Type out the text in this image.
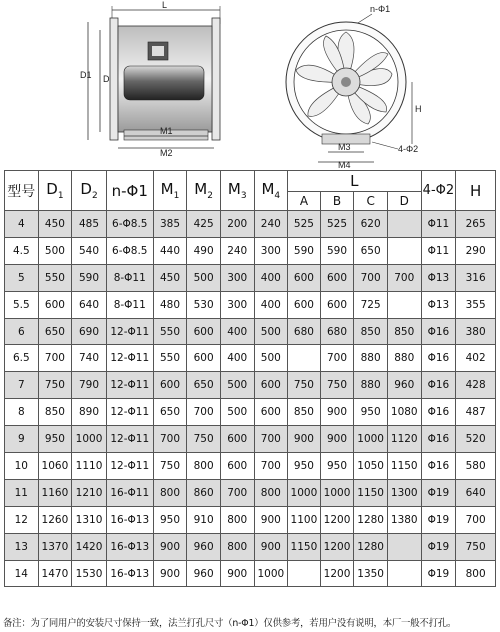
L
D1 D
M1
M2
n-Φ1
H
M3
M4
4-Φ2
型号	$D_1$	$D_2$	n-Φ1	$M_1$	$M_2$	$M_3$	$M_4$	L				4-Φ2	H
								A	B	C	D		
4	450	485	6-Φ8.5	385	425	200	240	525	525	620		Φ11	265
4.5	500	540	6-Φ8.5	440	490	240	300	590	590	650		Φ11	290
5	550	590	8-Φ11	450	500	300	400	600	600	700	700	Φ13	316
5.5	600	640	8-Φ11	480	530	300	400	600	600	725		Φ13	355
6	650	690	12-Φ11	550	600	400	500	680	680	850	850	Φ16	380
6.5	700	740	12-Φ11	550	600	400	500		700	880	880	Φ16	402
7	750	790	12-Φ11	600	650	500	600	750	750	880	960	Φ16	428
8	850	890	12-Φ11	650	700	500	600	850	900	950	1080	Φ16	487
9	950	1000	12-Φ11	700	750	600	700	900	900	1000	1120	Φ16	520
10	1060	1110	12-Φ11	750	800	600	700	950	950	1050	1150	Φ16	580
11	1160	1210	16-Φ11	800	860	700	800	1000	1000	1150	1300	Φ19	640
12	1260	1310	16-Φ13	950	910	800	900	1100	1200	1280	1380	Φ19	700
13	1370	1420	16-Φ13	900	960	800	900	1150	1200	1280		Φ19	750
14	1470	1530	16-Φ13	900	960	900	1000		1200	1350		Φ19	800
备注：为了同用户的安装尺寸保持一致，法兰打孔尺寸（n-Φ1）仅供参考，若用户没有说明，本厂一般不打孔。
